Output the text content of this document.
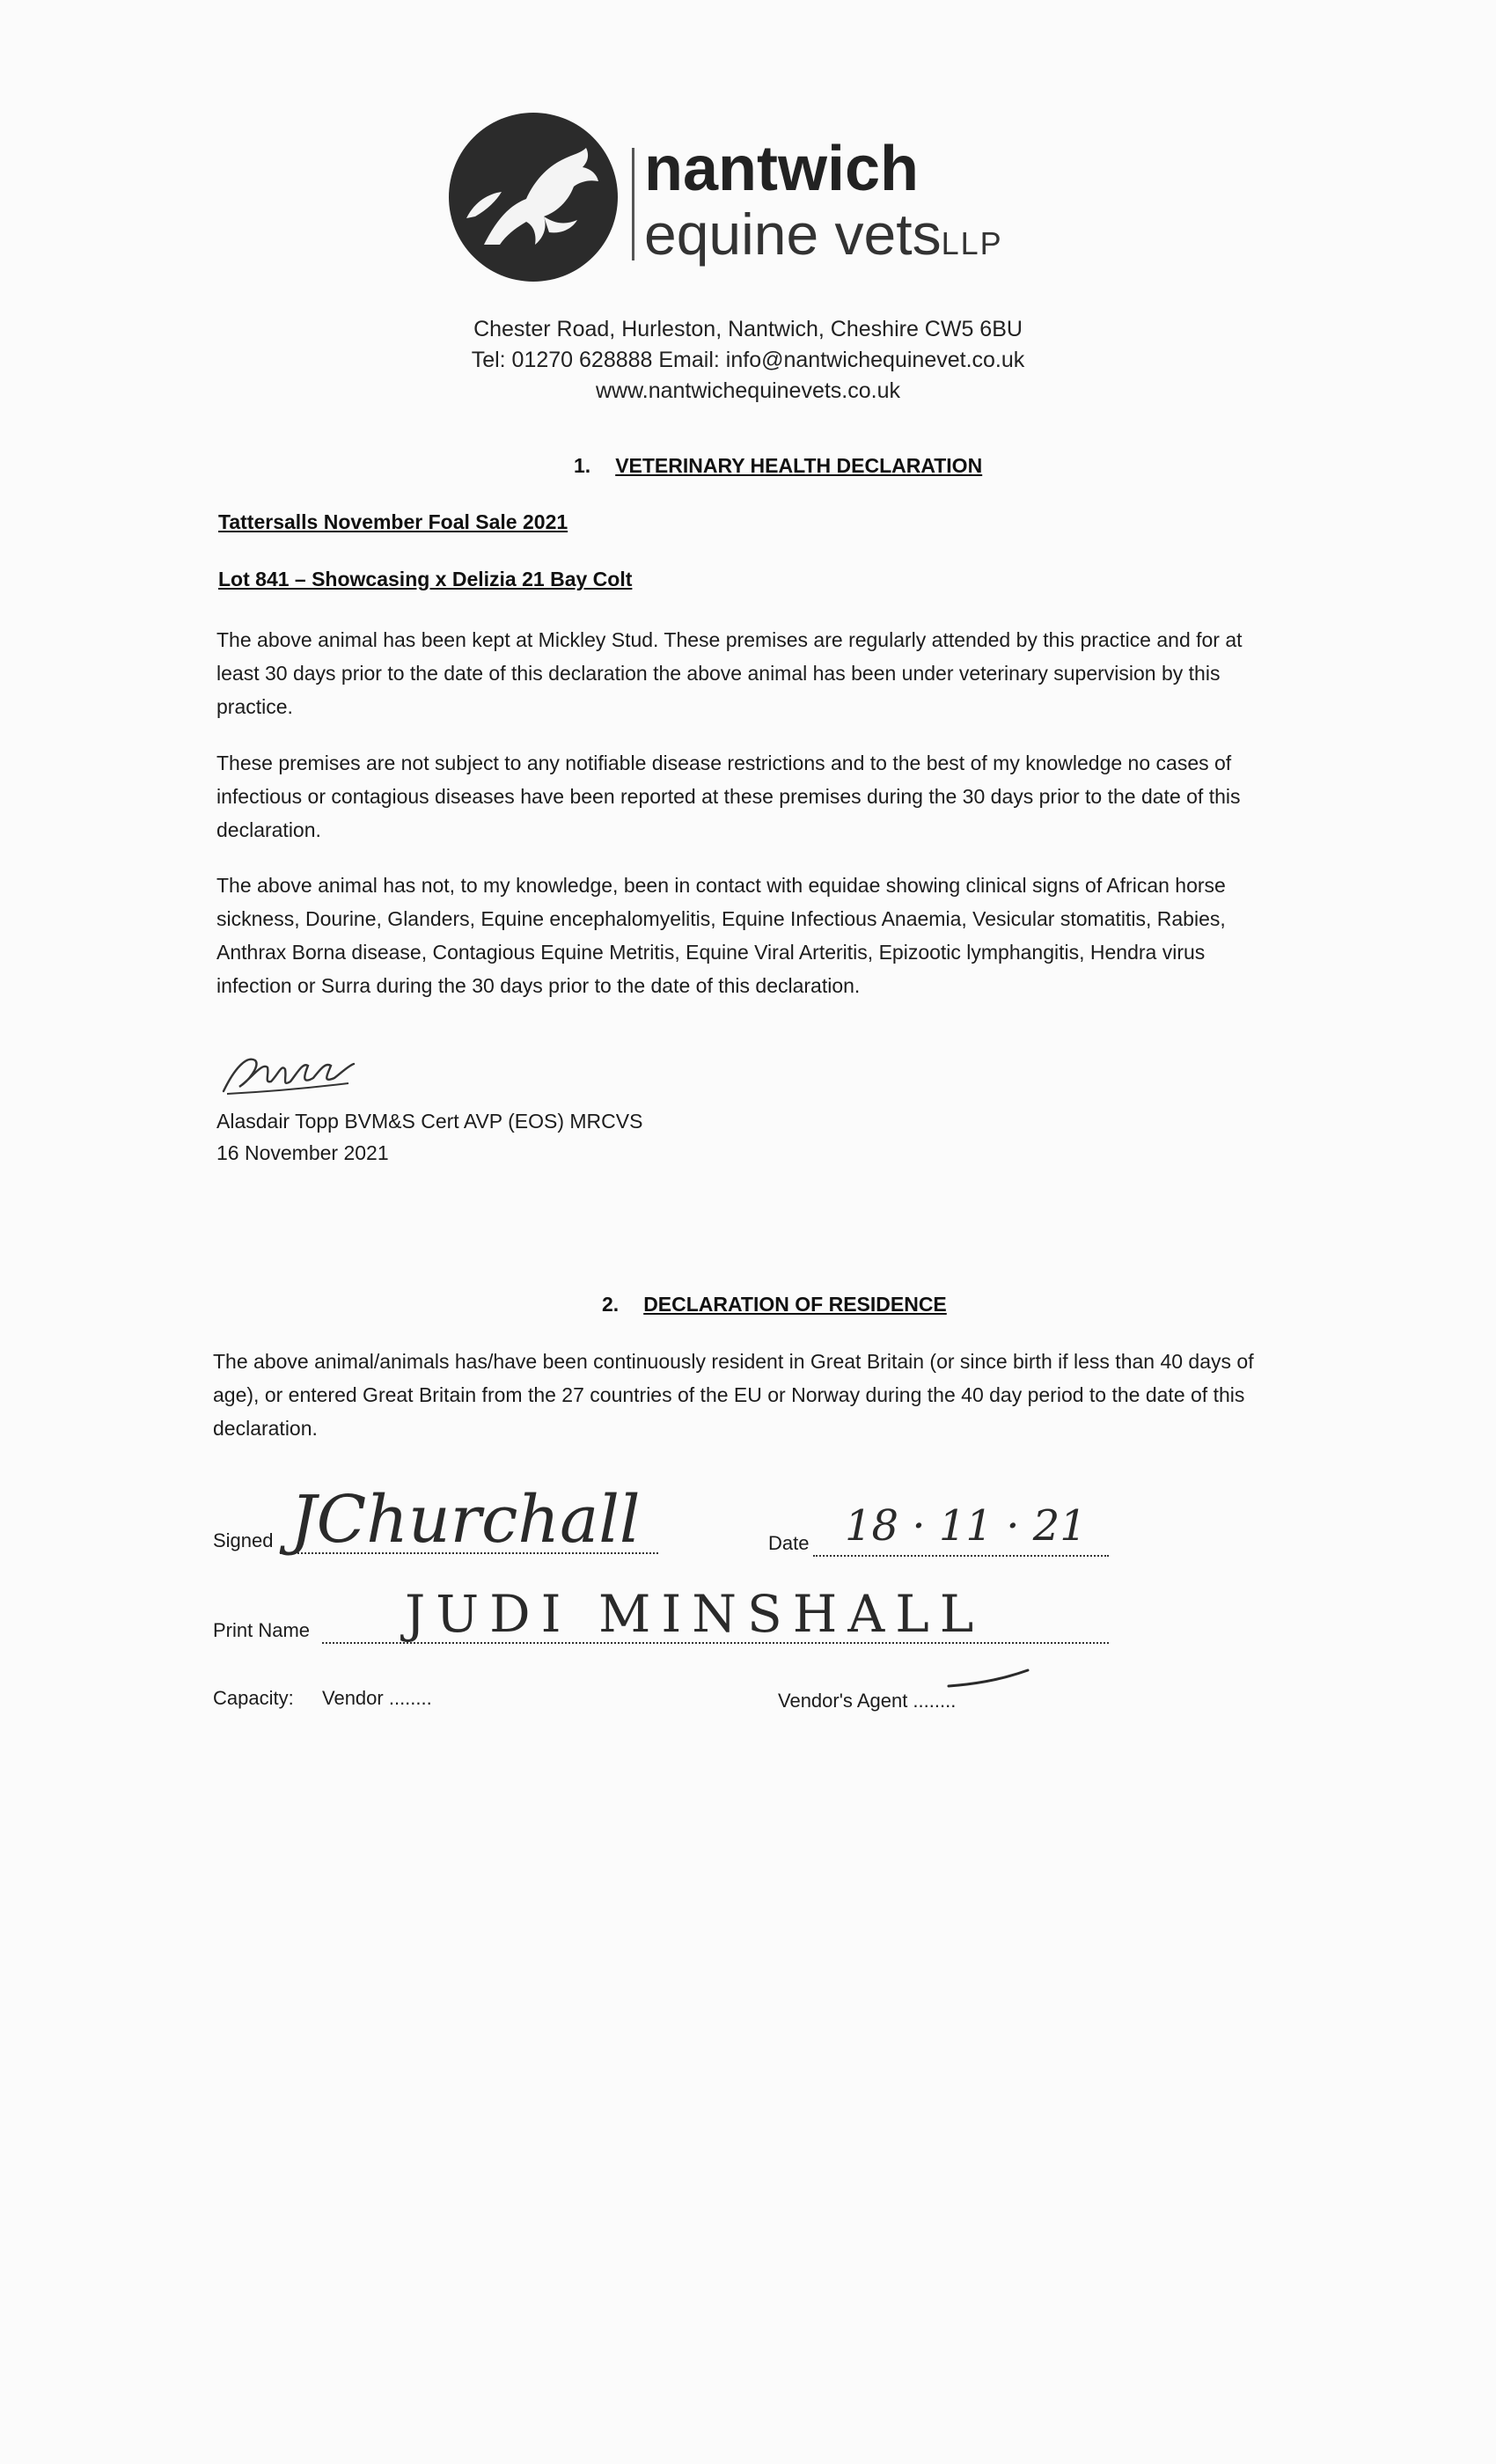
nantwich
equine vetsLLP
Chester Road, Hurleston, Nantwich, Cheshire CW5 6BU
Tel: 01270 628888 Email: info@nantwichequinevet.co.uk
www.nantwichequinevets.co.uk
1. VETERINARY HEALTH DECLARATION
Tattersalls November Foal Sale 2021
Lot 841 – Showcasing x Delizia 21 Bay Colt
The above animal has been kept at Mickley Stud. These premises are regularly attended by this practice and for at least 30 days prior to the date of this declaration the above animal has been under veterinary supervision by this practice.
These premises are not subject to any notifiable disease restrictions and to the best of my knowledge no cases of infectious or contagious diseases have been reported at these premises during the 30 days prior to the date of this declaration.
The above animal has not, to my knowledge, been in contact with equidae showing clinical signs of African horse sickness, Dourine, Glanders, Equine encephalomyelitis, Equine Infectious Anaemia, Vesicular stomatitis, Rabies, Anthrax Borna disease, Contagious Equine Metritis, Equine Viral Arteritis, Epizootic lymphangitis, Hendra virus infection or Surra during the 30 days prior to the date of this declaration.
Alasdair Topp BVM&S Cert AVP (EOS) MRCVS
16 November 2021
2. DECLARATION OF RESIDENCE
The above animal/animals has/have been continuously resident in Great Britain (or since birth if less than 40 days of age), or entered Great Britain from the 27 countries of the EU or Norway during the 40 day period to the date of this declaration.
Signed JChurchall	Date 18 · 11 · 21
Print Name JUDI MINSHALL
Capacity: Vendor ........	Vendor's Agent ........
